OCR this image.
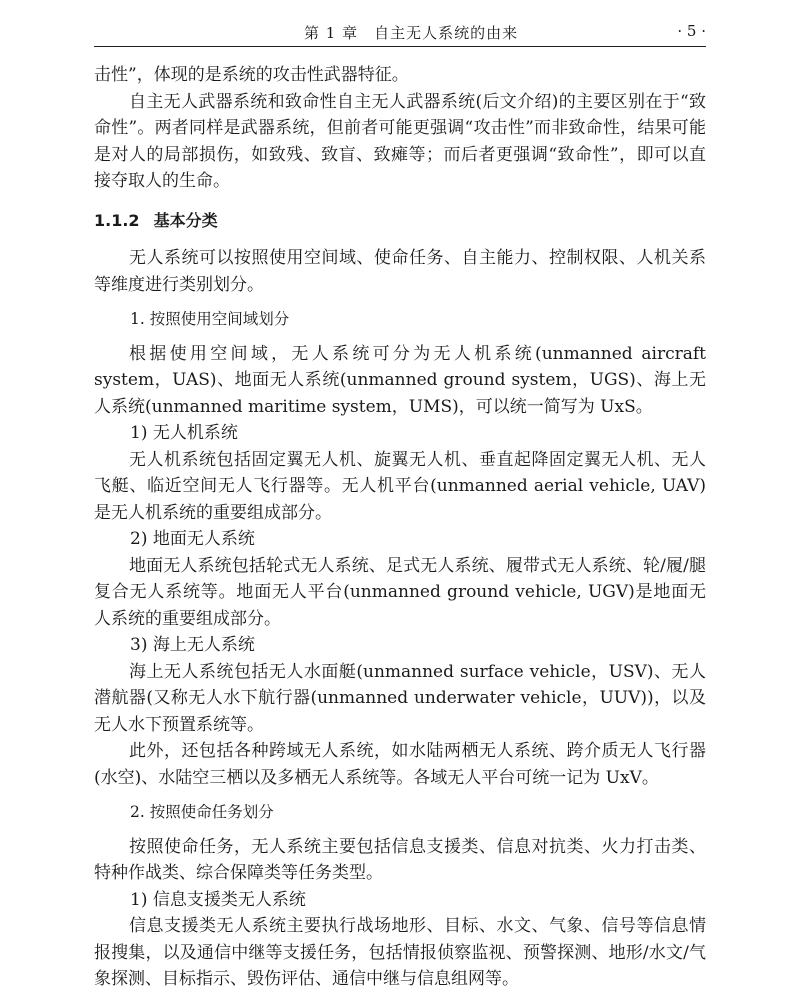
第 1 章　自主无人系统的由来	· 5 ·

击性”，体现的是系统的攻击性武器特征。

自主无人武器系统和致命性自主无人武器系统(后文介绍)的主要区别在于“致命性”。两者同样是武器系统，但前者可能更强调“攻击性”而非致命性，结果可能是对人的局部损伤，如致残、致盲、致瘫等；而后者更强调“致命性”，即可以直接夺取人的生命。

1.1.2 基本分类

无人系统可以按照使用空间域、使命任务、自主能力、控制权限、人机关系等维度进行类别划分。

1. 按照使用空间域划分

根据使用空间域，无人系统可分为无人机系统(unmanned aircraft system，UAS)、地面无人系统(unmanned ground system，UGS)、海上无人系统(unmanned maritime system，UMS)，可以统一简写为 UxS。

1) 无人机系统

无人机系统包括固定翼无人机、旋翼无人机、垂直起降固定翼无人机、无人飞艇、临近空间无人飞行器等。无人机平台(unmanned aerial vehicle, UAV)是无人机系统的重要组成部分。

2) 地面无人系统

地面无人系统包括轮式无人系统、足式无人系统、履带式无人系统、轮/履/腿复合无人系统等。地面无人平台(unmanned ground vehicle, UGV)是地面无人系统的重要组成部分。

3) 海上无人系统

海上无人系统包括无人水面艇(unmanned surface vehicle，USV)、无人潜航器(又称无人水下航行器(unmanned underwater vehicle，UUV))，以及无人水下预置系统等。

此外，还包括各种跨域无人系统，如水陆两栖无人系统、跨介质无人飞行器(水空)、水陆空三栖以及多栖无人系统等。各域无人平台可统一记为 UxV。

2. 按照使命任务划分

按照使命任务，无人系统主要包括信息支援类、信息对抗类、火力打击类、特种作战类、综合保障类等任务类型。

1) 信息支援类无人系统

信息支援类无人系统主要执行战场地形、目标、水文、气象、信号等信息情报搜集，以及通信中继等支援任务，包括情报侦察监视、预警探测、地形/水文/气象探测、目标指示、毁伤评估、通信中继与信息组网等。
